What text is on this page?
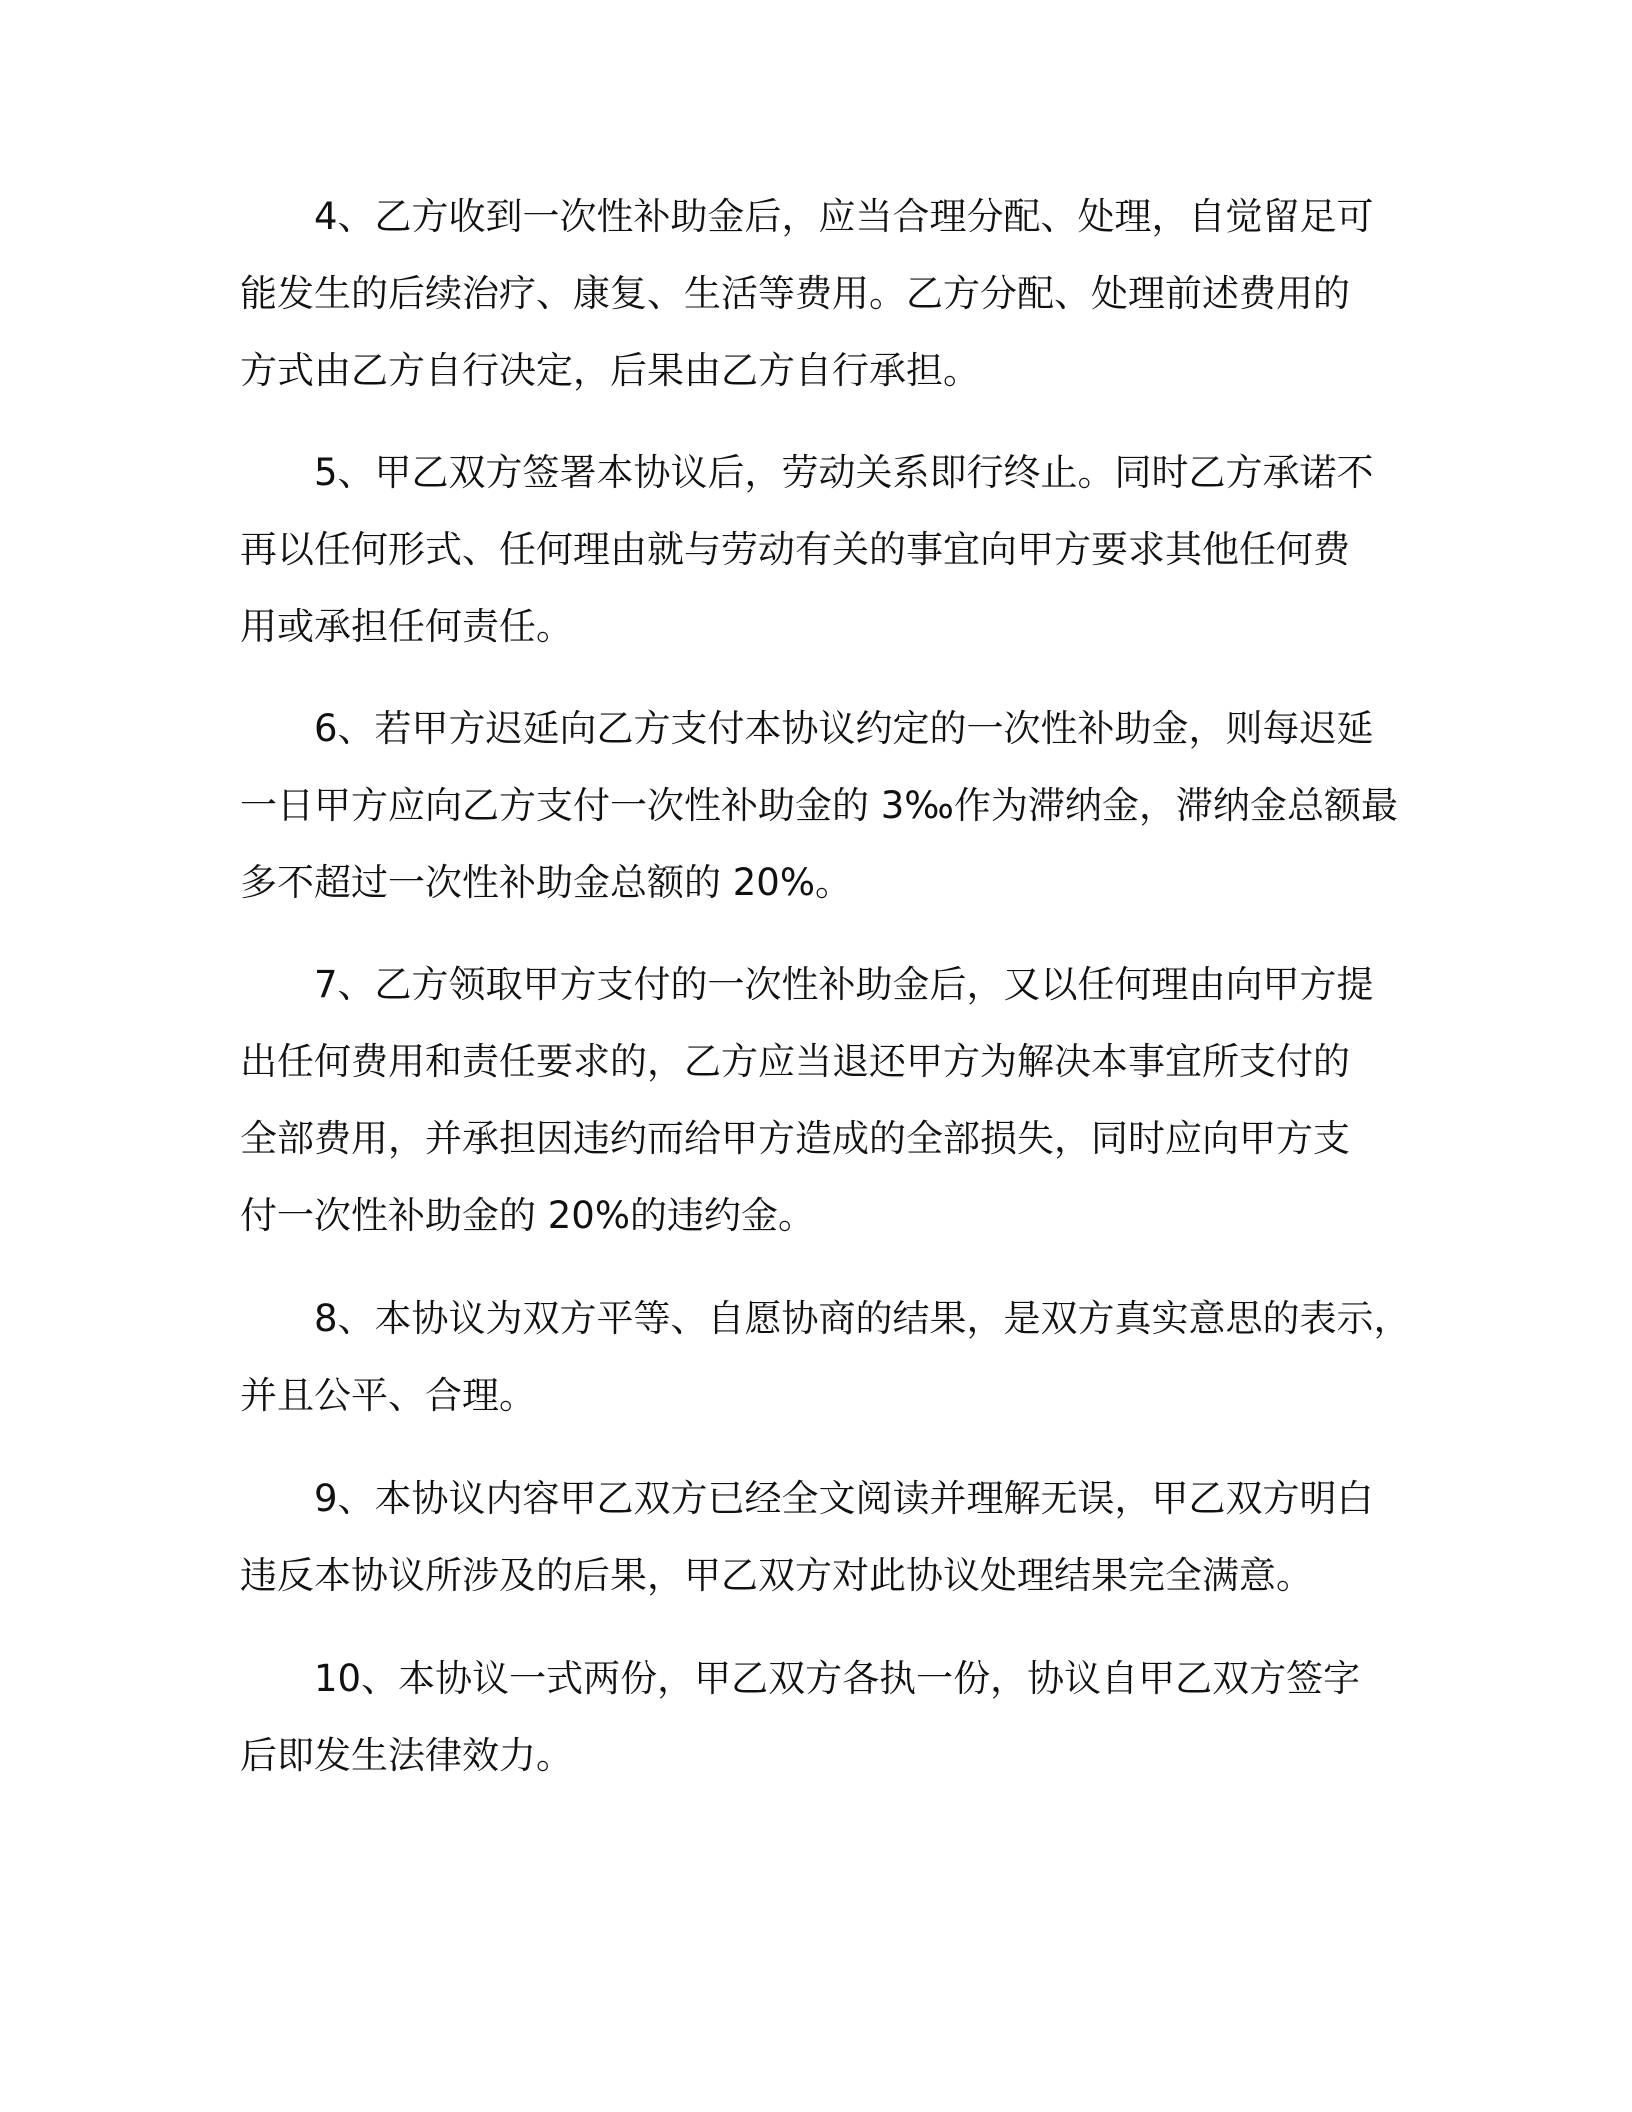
4、乙方收到一次性补助金后，应当合理分配、处理，自觉留足可
能发生的后续治疗、康复、生活等费用。乙方分配、处理前述费用的
方式由乙方自行决定，后果由乙方自行承担。
5、甲乙双方签署本协议后，劳动关系即行终止。同时乙方承诺不
再以任何形式、任何理由就与劳动有关的事宜向甲方要求其他任何费
用或承担任何责任。
6、若甲方迟延向乙方支付本协议约定的一次性补助金，则每迟延
一日甲方应向乙方支付一次性补助金的 3‰作为滞纳金，滞纳金总额最
多不超过一次性补助金总额的 20%。
7、乙方领取甲方支付的一次性补助金后，又以任何理由向甲方提
出任何费用和责任要求的，乙方应当退还甲方为解决本事宜所支付的
全部费用，并承担因违约而给甲方造成的全部损失，同时应向甲方支
付一次性补助金的 20%的违约金。
8、本协议为双方平等、自愿协商的结果，是双方真实意思的表示，
并且公平、合理。
9、本协议内容甲乙双方已经全文阅读并理解无误，甲乙双方明白
违反本协议所涉及的后果，甲乙双方对此协议处理结果完全满意。
10、本协议一式两份，甲乙双方各执一份，协议自甲乙双方签字
后即发生法律效力。
